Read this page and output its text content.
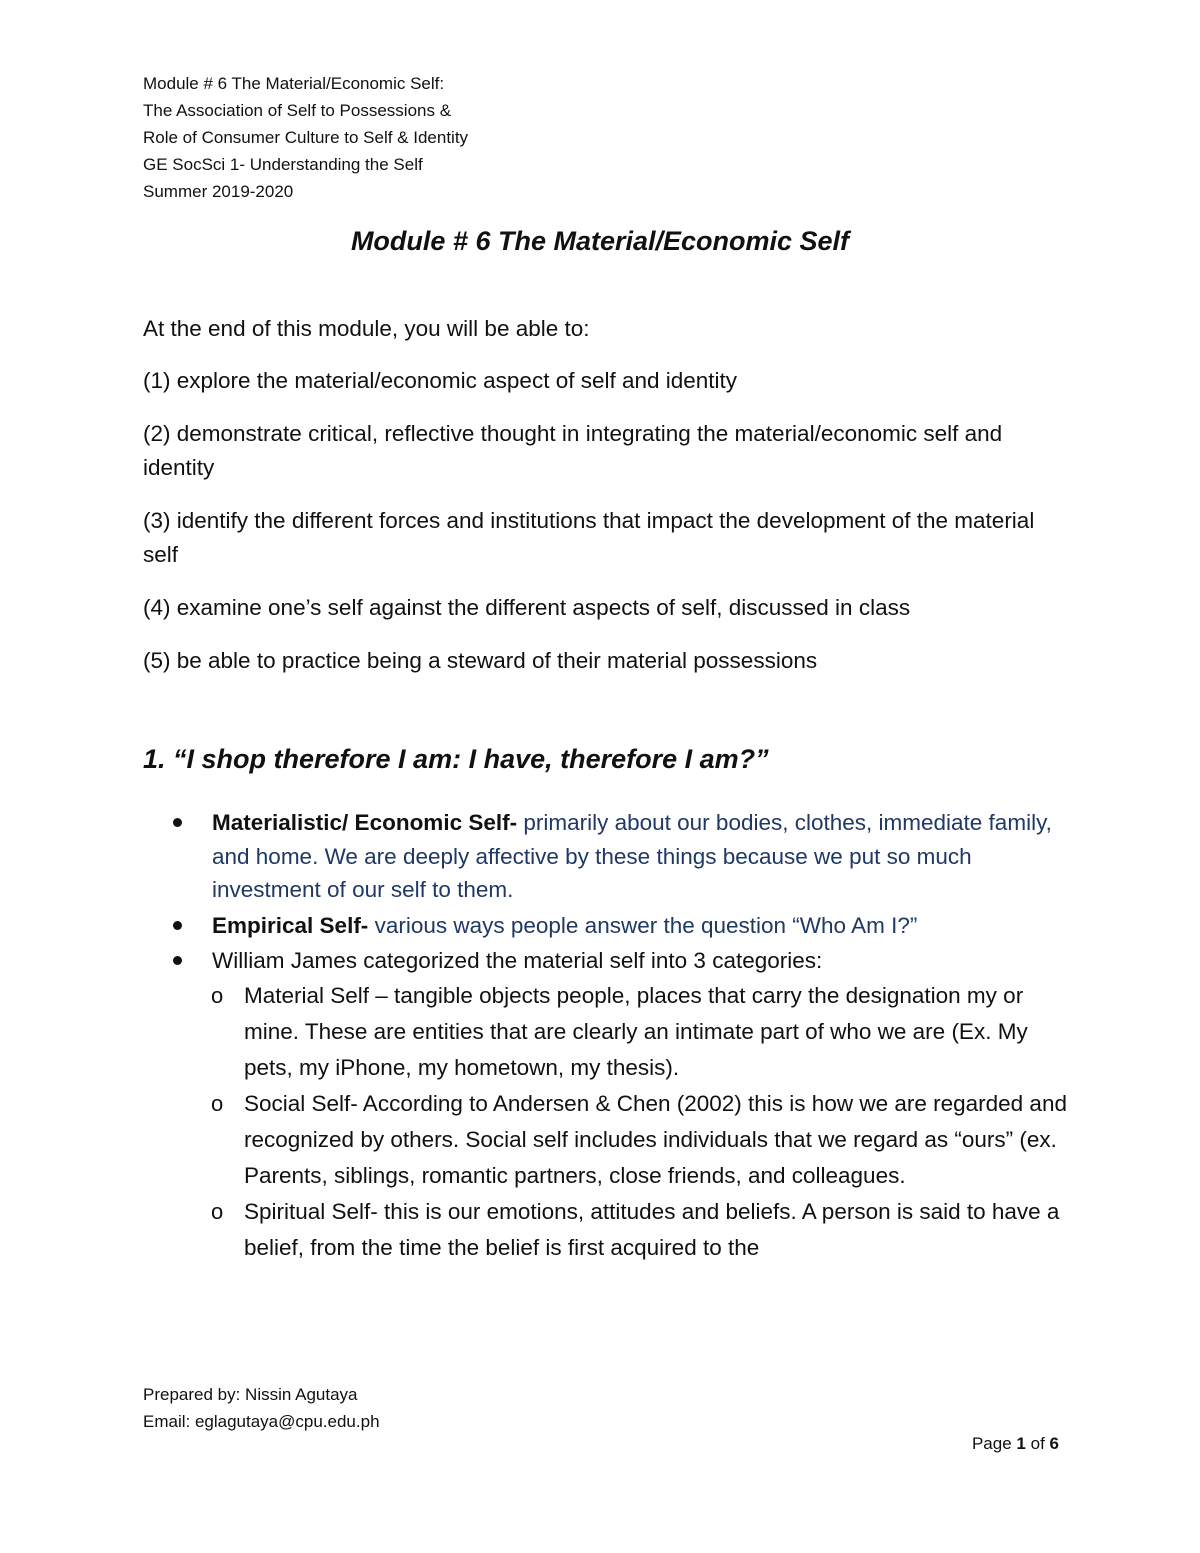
Module # 6 The Material/Economic Self:
The Association of Self to Possessions &
Role of Consumer Culture to Self & Identity
GE SocSci 1- Understanding the Self
Summer 2019-2020
Module # 6 The Material/Economic Self
At the end of this module, you will be able to:
(1) explore the material/economic aspect of self and identity
(2) demonstrate critical, reflective thought in integrating the material/economic self and identity
(3) identify the different forces and institutions that impact the development of the material self
(4) examine one’s self against the different aspects of self, discussed in class
(5) be able to practice being a steward of their material possessions
1. “I shop therefore I am: I have, therefore I am?”
Materialistic/ Economic Self- primarily about our bodies, clothes, immediate family, and home. We are deeply affective by these things because we put so much investment of our self to them.
Empirical Self- various ways people answer the question “Who Am I?”
William James categorized the material self into 3 categories:
o Material Self – tangible objects people, places that carry the designation my or mine. These are entities that are clearly an intimate part of who we are (Ex. My pets, my iPhone, my hometown, my thesis).
o Social Self- According to Andersen & Chen (2002) this is how we are regarded and recognized by others. Social self includes individuals that we regard as “ours” (ex. Parents, siblings, romantic partners, close friends, and colleagues.
o Spiritual Self- this is our emotions, attitudes and beliefs. A person is said to have a belief, from the time the belief is first acquired to the
Prepared by: Nissin Agutaya
Email: eglagutaya@cpu.edu.ph
Page 1 of 6
